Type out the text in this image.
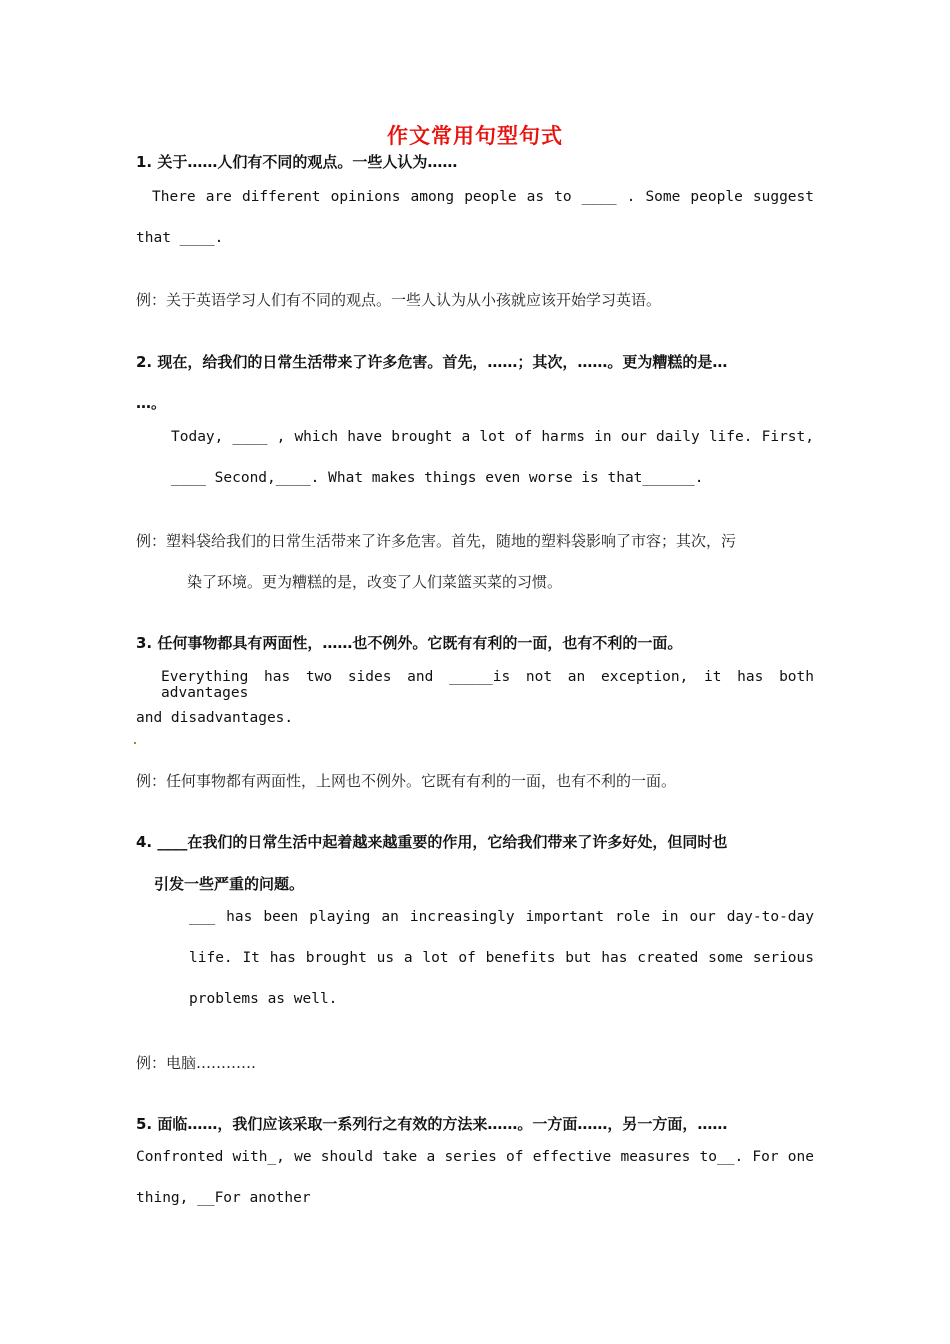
作文常用句型句式
1. 关于……人们有不同的观点。一些人认为……
There are different opinions among people as to ____ . Some people suggest
that ____.
例：关于英语学习人们有不同的观点。一些人认为从小孩就应该开始学习英语。
2. 现在，给我们的日常生活带来了许多危害。首先，……；其次，……。更为糟糕的是…
…。
Today, ____ , which have brought a lot of harms in our daily life. First,
____ Second,____. What makes things even worse is that______.
例：塑料袋给我们的日常生活带来了许多危害。首先，随地的塑料袋影响了市容；其次，污
染了环境。更为糟糕的是，改变了人们菜篮买菜的习惯。
3. 任何事物都具有两面性，……也不例外。它既有有利的一面，也有不利的一面。
Everything has two sides and _____is not an exception, it has both advantages
and disadvantages.
例：任何事物都有两面性，上网也不例外。它既有有利的一面，也有不利的一面。
4. ____在我们的日常生活中起着越来越重要的作用，它给我们带来了许多好处，但同时也
引发一些严重的问题。
___ has been playing an increasingly important role in our day-to-day
life. It has brought us a lot of benefits but has created some serious
problems as well.
例：电脑…………
5. 面临……，我们应该采取一系列行之有效的方法来……。一方面……，另一方面，……
Confronted with_, we should take a series of effective measures to__. For one
thing, __For another
